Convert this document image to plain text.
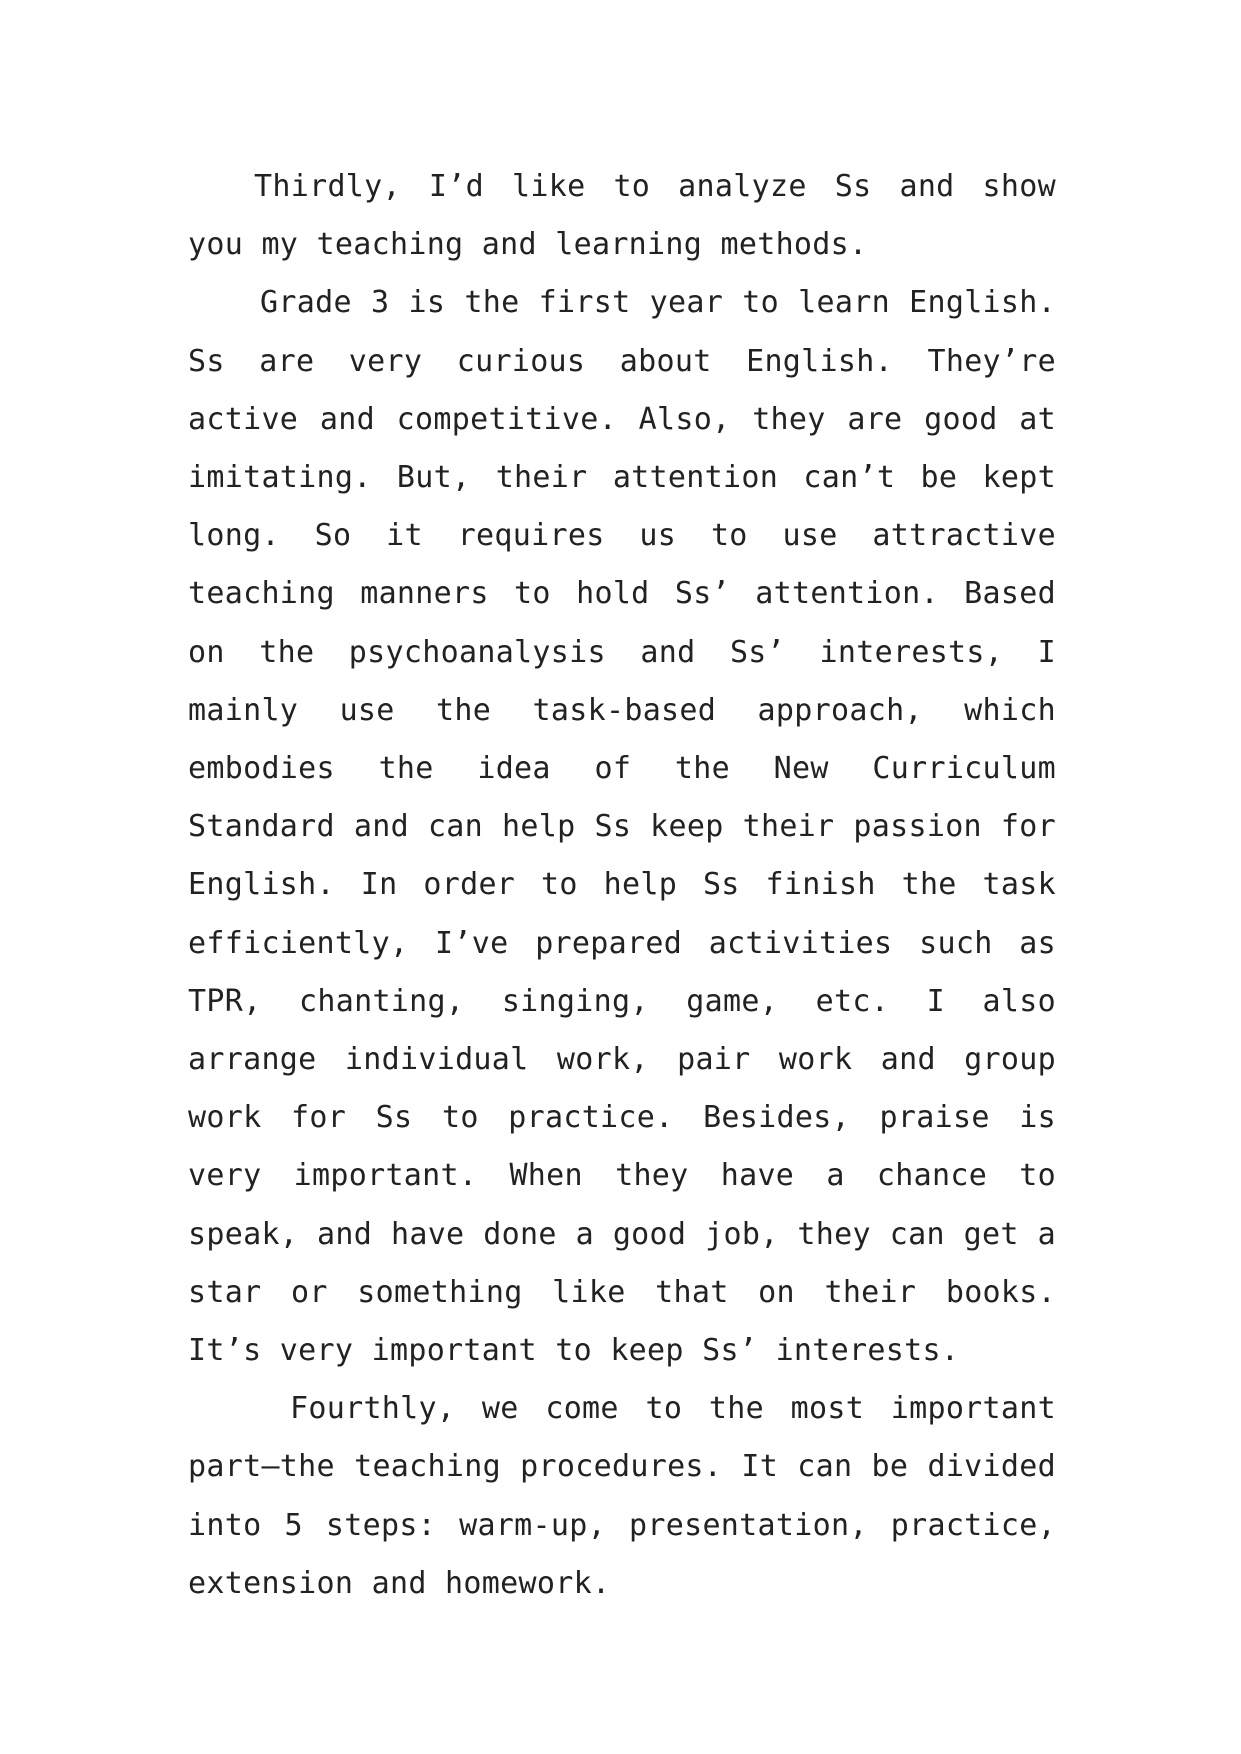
Thirdly, I’d like to analyze Ss and show you my teaching and learning methods.

Grade 3 is the first year to learn English. Ss are very curious about English. They’re active and competitive. Also, they are good at imitating. But, their attention can’t be kept long. So it requires us to use attractive teaching manners to hold Ss’ attention. Based on the psychoanalysis and Ss’ interests, I mainly use the task-based approach, which embodies the idea of the New Curriculum Standard and can help Ss keep their passion for English. In order to help Ss finish the task efficiently, I’ve prepared activities such as TPR, chanting, singing, game, etc. I also arrange individual work, pair work and group work for Ss to practice. Besides, praise is very important. When they have a chance to speak, and have done a good job, they can get a star or something like that on their books. It’s very important to keep Ss’ interests.

Fourthly, we come to the most important part—the teaching procedures. It can be divided into 5 steps: warm-up, presentation, practice, extension and homework.
